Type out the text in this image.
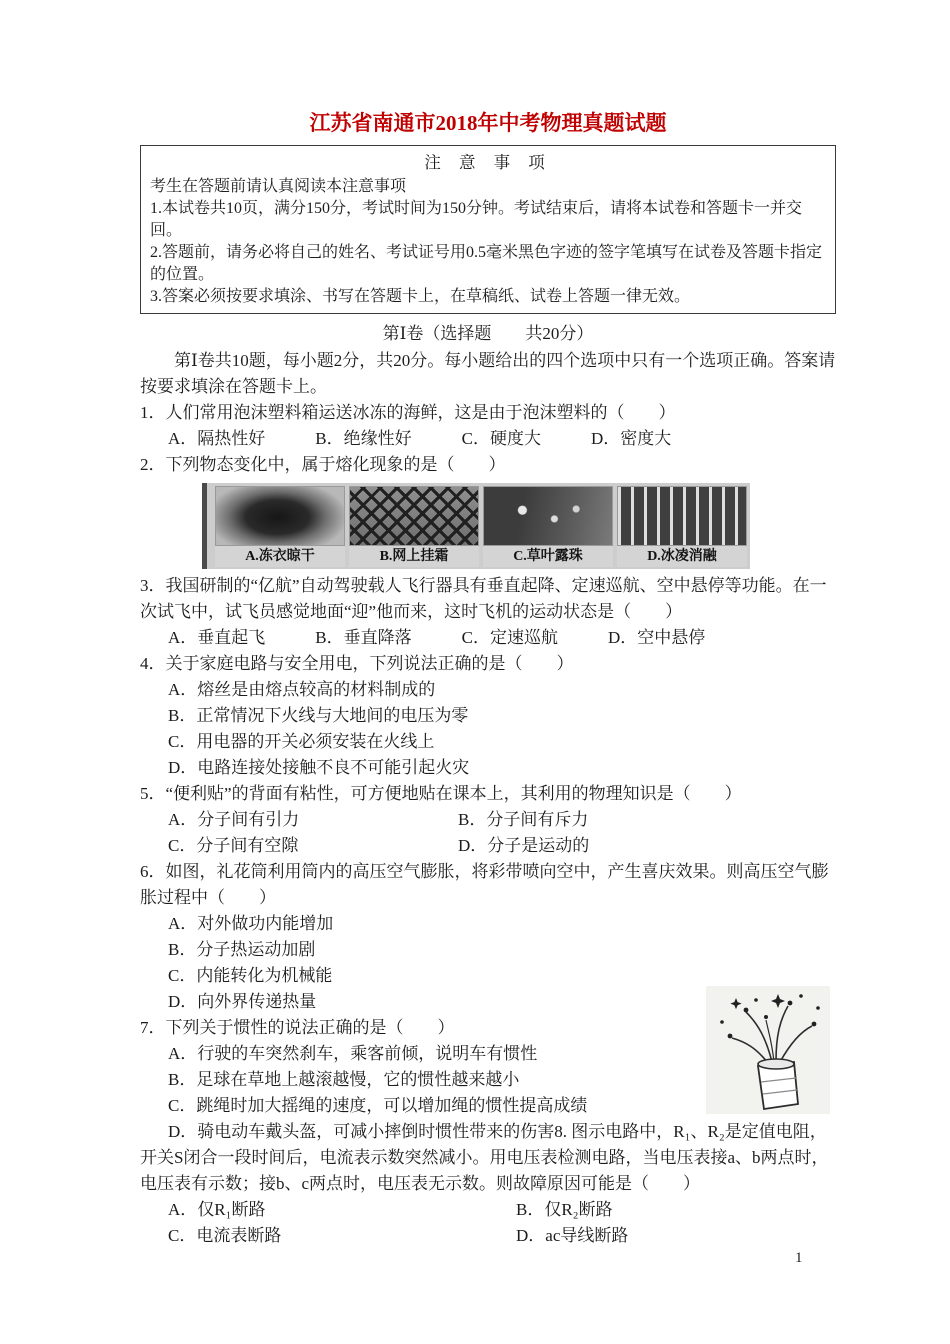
江苏省南通市2018年中考物理真题试题
注 意 事 项

考生在答题前请认真阅读本注意事项

1.本试卷共10页，满分150分，考试时间为150分钟。考试结束后，请将本试卷和答题卡一并交回。

2.答题前，请务必将自己的姓名、考试证号用0.5毫米黑色字迹的签字笔填写在试卷及答题卡指定的位置。

3.答案必须按要求填涂、书写在答题卡上，在草稿纸、试卷上答题一律无效。

第Ⅰ卷（选择题　　共20分）

第Ⅰ卷共10题，每小题2分，共20分。每小题给出的四个选项中只有一个选项正确。答案请按要求填涂在答题卡上。

1．人们常用泡沫塑料箱运送冰冻的海鲜，这是由于泡沫塑料的（　　）

A．隔热性好	B．绝缘性好	C．硬度大	D．密度大

2．下列物态变化中，属于熔化现象的是（　　）

A.冻衣晾干	B.网上挂霜	C.草叶露珠	D.冰凌消融

3．我国研制的“亿航”自动驾驶载人飞行器具有垂直起降、定速巡航、空中悬停等功能。在一次试飞中，试飞员感觉地面“迎”他而来，这时飞机的运动状态是（　　）

A．垂直起飞	B．垂直降落	C．定速巡航	D．空中悬停

4．关于家庭电路与安全用电，下列说法正确的是（　　）

A．熔丝是由熔点较高的材料制成的

B．正常情况下火线与大地间的电压为零

C．用电器的开关必须安装在火线上

D．电路连接处接触不良不可能引起火灾

5．“便利贴”的背面有粘性，可方便地贴在课本上，其利用的物理知识是（　　）

A．分子间有引力	B．分子间有斥力
C．分子间有空隙	D．分子是运动的

6．如图，礼花筒利用筒内的高压空气膨胀，将彩带喷向空中，产生喜庆效果。则高压空气膨胀过程中（　　）

A．对外做功内能增加

B．分子热运动加剧

C．内能转化为机械能

D．向外界传递热量

7．下列关于惯性的说法正确的是（　　）

A．行驶的车突然刹车，乘客前倾，说明车有惯性

B．足球在草地上越滚越慢，它的惯性越来越小

C．跳绳时加大摇绳的速度，可以增加绳的惯性提高成绩

D．骑电动车戴头盔，可减小摔倒时惯性带来的伤害8. 图示电路中，R₁、R₂是定值电阻，开关S闭合一段时间后，电流表示数突然减小。用电压表检测电路，当电压表接a、b两点时，电压表有示数；接b、c两点时，电压表无示数。则故障原因可能是（　　）

A．仅R₁断路	B．仅R₂断路
C．电流表断路	D．ac导线断路
1
